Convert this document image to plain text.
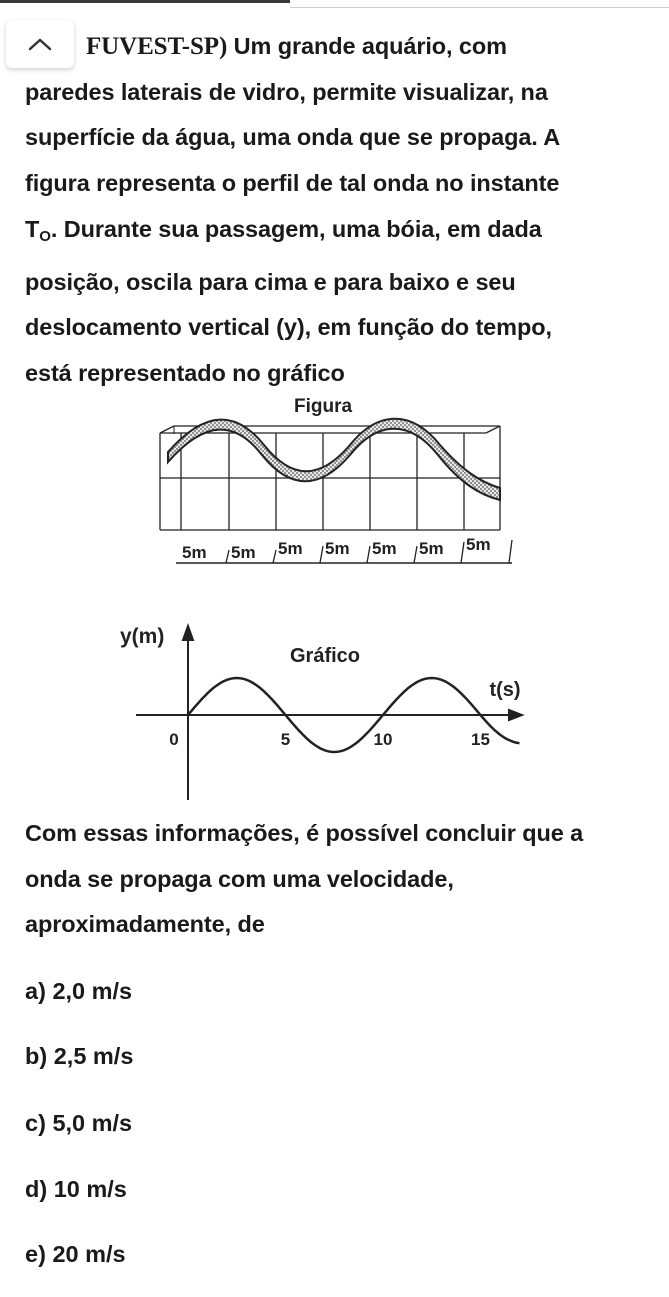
FUVEST-SP) Um grande aquário, com
paredes laterais de vidro, permite visualizar, na
superfície da água, uma onda que se propaga. A
figura representa o perfil de tal onda no instante
$T_O$. Durante sua passagem, uma bóia, em dada
posição, oscila para cima e para baixo e seu
deslocamento vertical (y), em função do tempo,
está representado no gráfico
Figura
5m 5m 5m 5m 5m 5m 5m
y(m)
Gráfico
t(s)
0	5	10	15
Com essas informações, é possível concluir que a
onda se propaga com uma velocidade,
aproximadamente, de
a) 2,0 m/s
b) 2,5 m/s
c) 5,0 m/s
d) 10 m/s
e) 20 m/s
